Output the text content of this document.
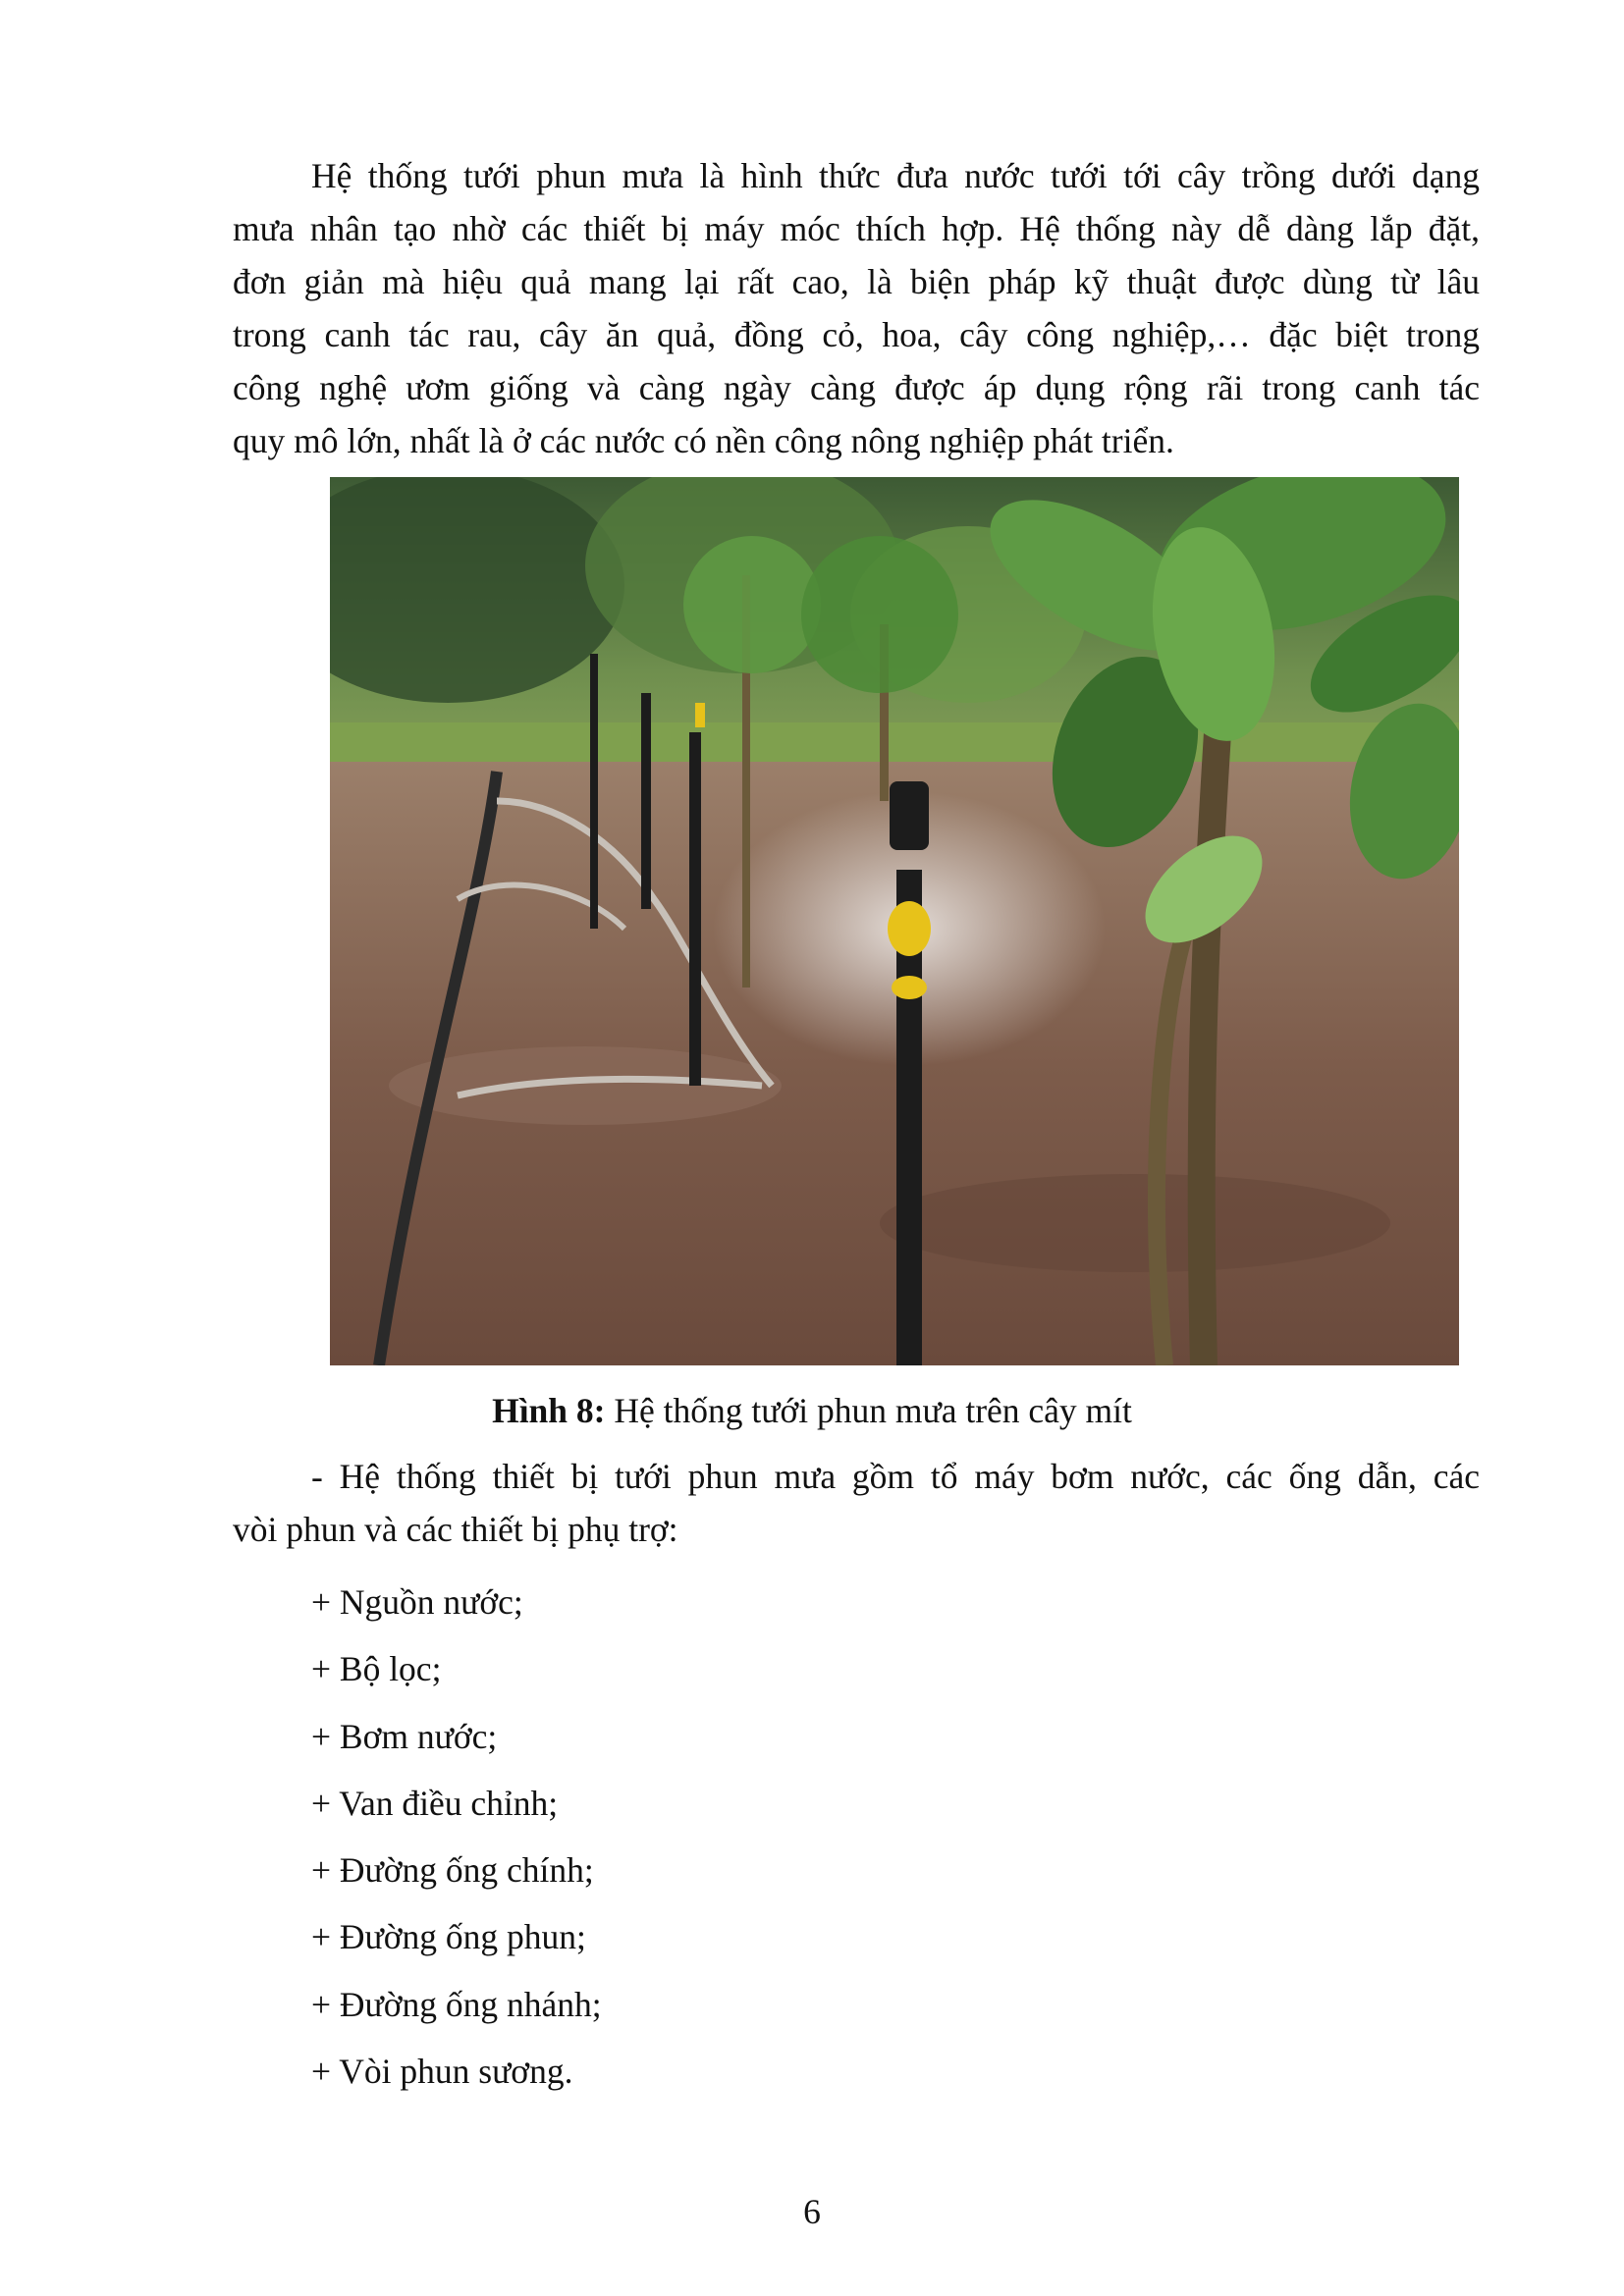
Hệ thống tưới phun mưa là hình thức đưa nước tưới tới cây trồng dưới dạng
mưa nhân tạo nhờ các thiết bị máy móc thích hợp. Hệ thống này dễ dàng lắp đặt,
đơn giản mà hiệu quả mang lại rất cao, là biện pháp kỹ thuật được dùng từ lâu
trong canh tác rau, cây ăn quả, đồng cỏ, hoa, cây công nghiệp,… đặc biệt trong
công nghệ ươm giống và càng ngày càng được áp dụng rộng rãi trong canh tác
quy mô lớn, nhất là ở các nước có nền công nông nghiệp phát triển.
Hình 8: Hệ thống tưới phun mưa trên cây mít
- Hệ thống thiết bị tưới phun mưa gồm tổ máy bơm nước, các ống dẫn, các
vòi phun và các thiết bị phụ trợ:
+ Nguồn nước;
+ Bộ lọc;
+ Bơm nước;
+ Van điều chỉnh;
+ Đường ống chính;
+ Đường ống phun;
+ Đường ống nhánh;
+ Vòi phun sương.
6
